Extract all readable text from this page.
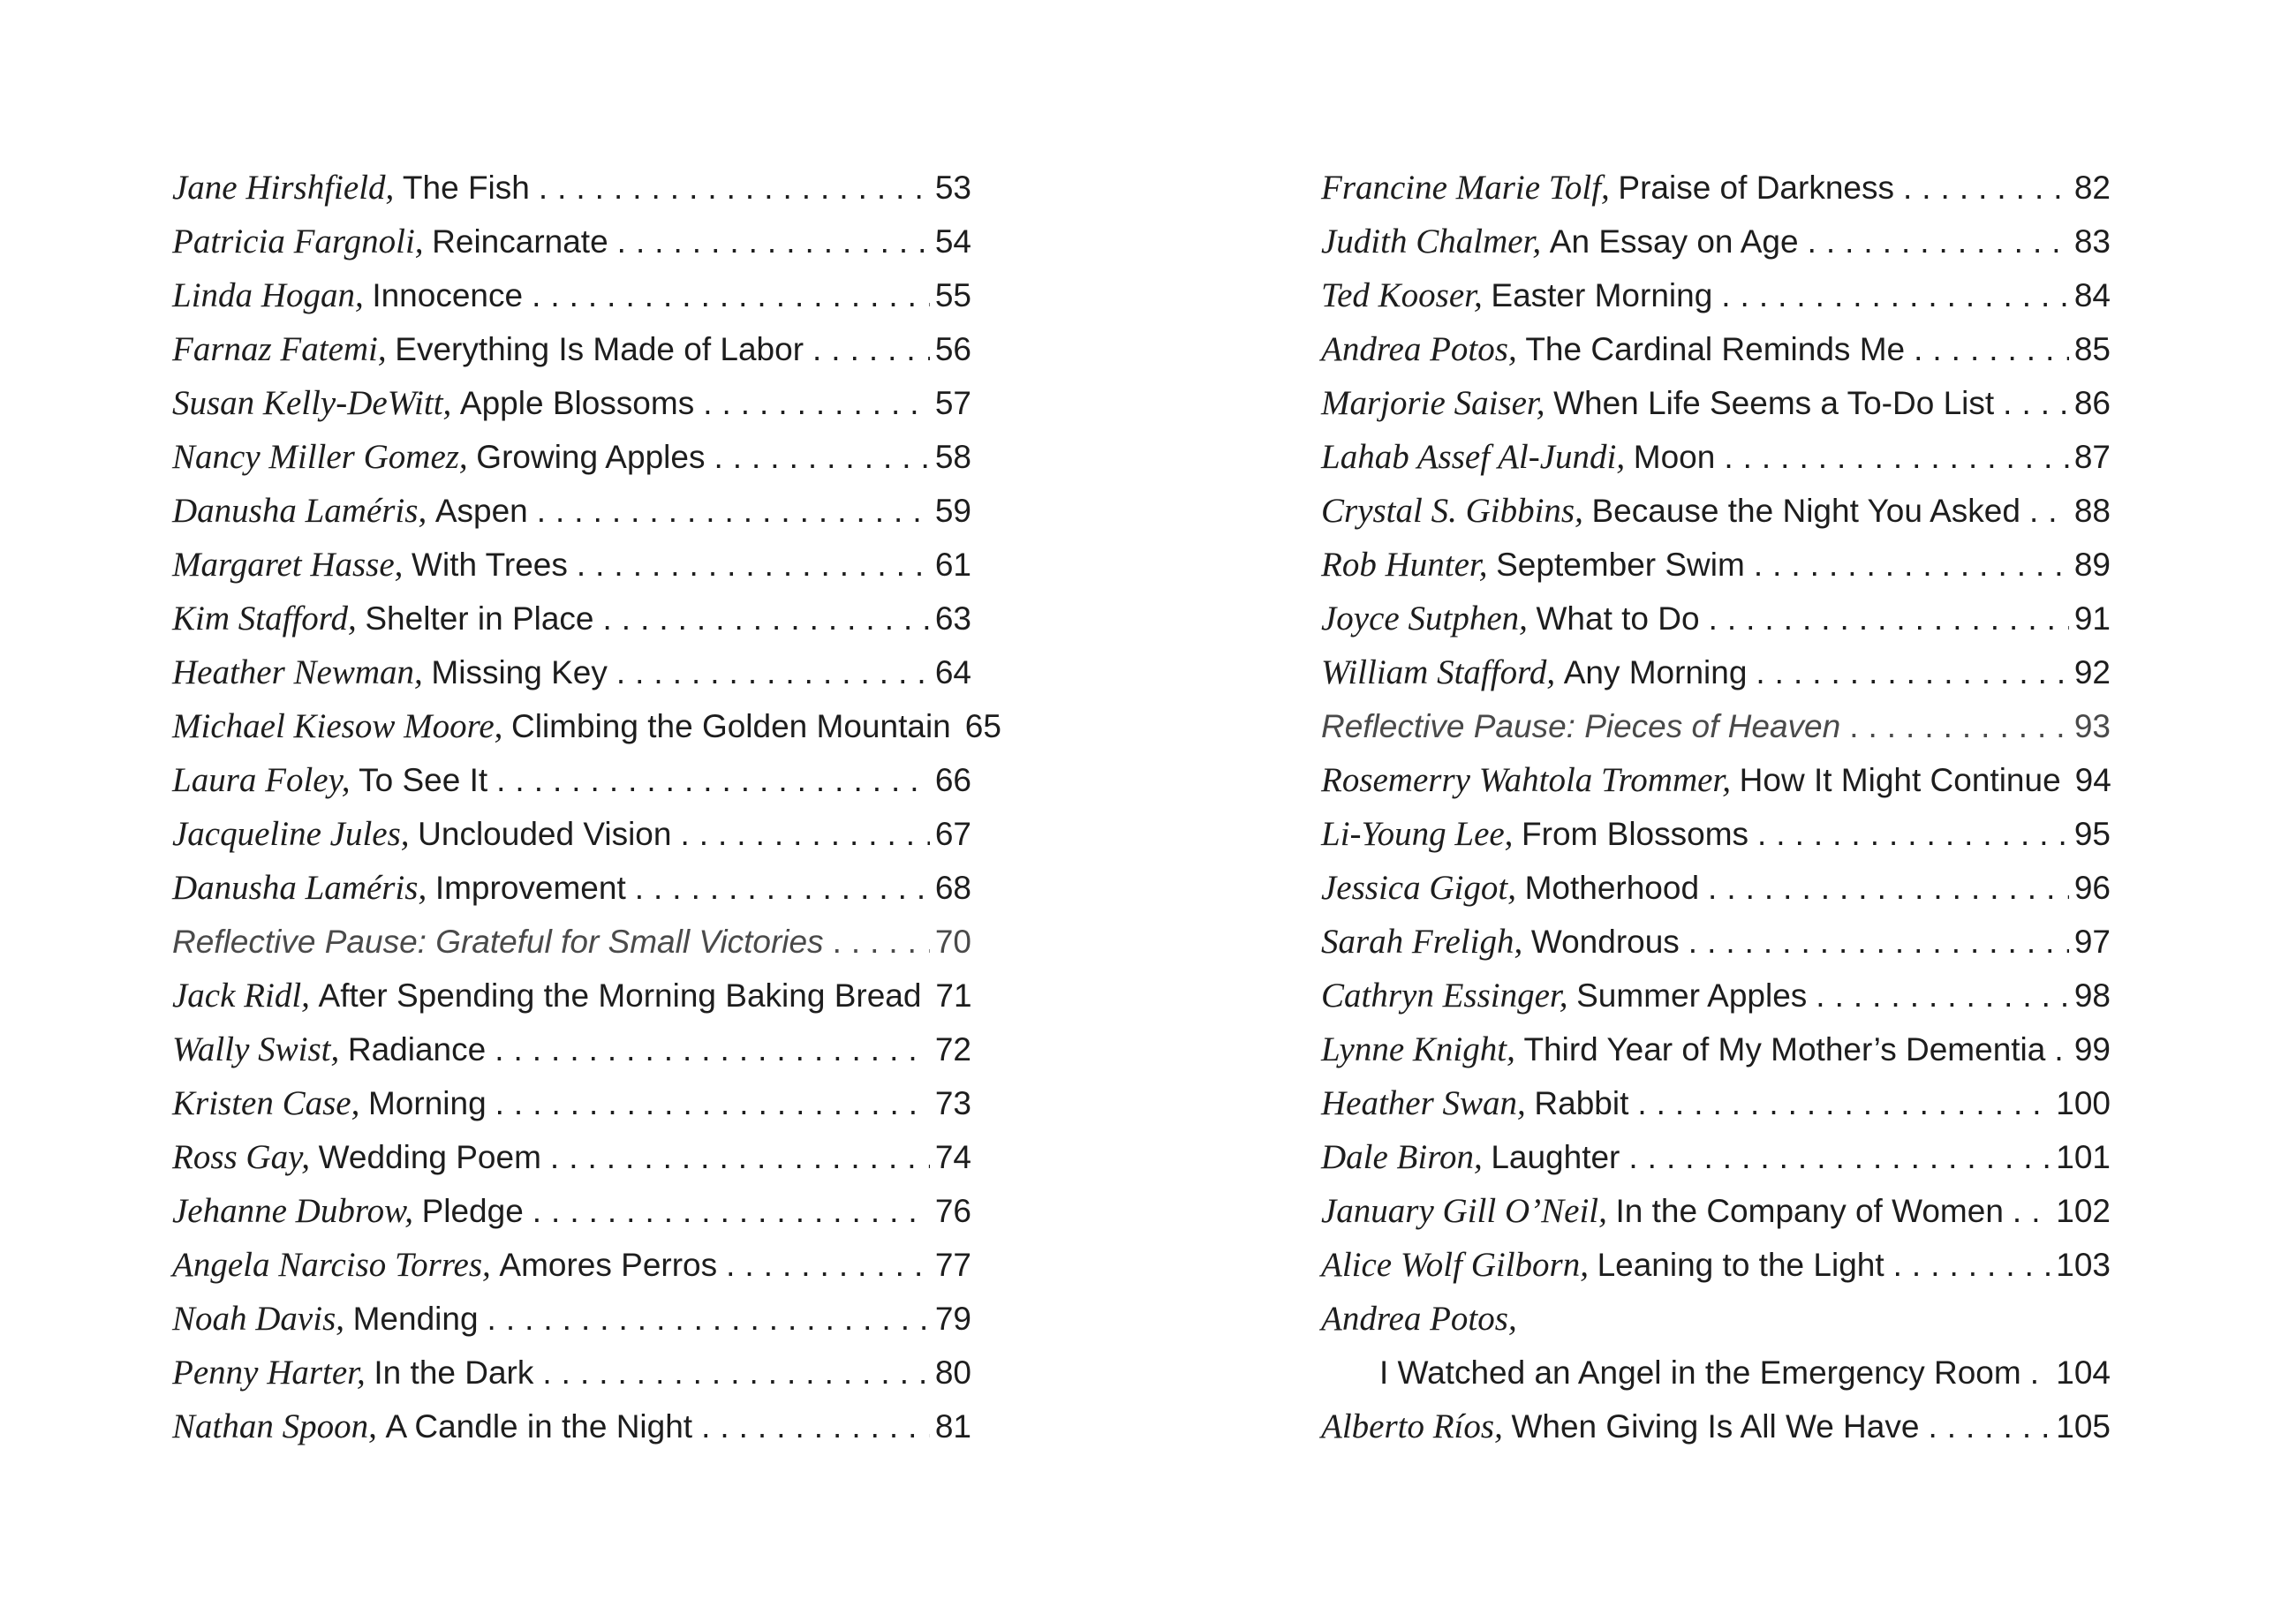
Jane Hirshfield, The Fish .....	53
Patricia Fargnoli, Reincarnate .....	54
Linda Hogan, Innocence .....	55
Farnaz Fatemi, Everything Is Made of Labor .....	56
Susan Kelly-DeWitt, Apple Blossoms .....	57
Nancy Miller Gomez, Growing Apples .....	58
Danusha Laméris, Aspen .....	59
Margaret Hasse, With Trees .....	61
Kim Stafford, Shelter in Place .....	63
Heather Newman, Missing Key .....	64
Michael Kiesow Moore, Climbing the Golden Mountain 65
Laura Foley, To See It .....	66
Jacqueline Jules, Unclouded Vision .....	67
Danusha Laméris, Improvement .....	68
Reflective Pause: Grateful for Small Victories .....	70
Jack Ridl, After Spending the Morning Baking Bread 71
Wally Swist, Radiance .....	72
Kristen Case, Morning .....	73
Ross Gay, Wedding Poem .....	74
Jehanne Dubrow, Pledge .....	76
Angela Narciso Torres, Amores Perros .....	77
Noah Davis, Mending .....	79
Penny Harter, In the Dark .....	80
Nathan Spoon, A Candle in the Night .....	81
Francine Marie Tolf, Praise of Darkness .....	82
Judith Chalmer, An Essay on Age .....	83
Ted Kooser, Easter Morning .....	84
Andrea Potos, The Cardinal Reminds Me .....	85
Marjorie Saiser, When Life Seems a To-Do List ..... 86
Lahab Assef Al-Jundi, Moon .....	87
Crystal S. Gibbins, Because the Night You Asked ..... 88
Rob Hunter, September Swim .....	89
Joyce Sutphen, What to Do .....	91
William Stafford, Any Morning .....	92
Reflective Pause: Pieces of Heaven .....	93
Rosemerry Wahtola Trommer, How It Might Continue 94
Li-Young Lee, From Blossoms .....	95
Jessica Gigot, Motherhood .....	96
Sarah Freligh, Wondrous .....	97
Cathryn Essinger, Summer Apples .....	98
Lynne Knight, Third Year of My Mother’s Dementia ..... 99
Heather Swan, Rabbit .....	100
Dale Biron, Laughter .....	101
January Gill O’Neil, In the Company of Women ..... 102
Alice Wolf Gilborn, Leaning to the Light .....	103
Andrea Potos,
I Watched an Angel in the Emergency Room ..... 104
Alberto Ríos, When Giving Is All We Have .....	105
